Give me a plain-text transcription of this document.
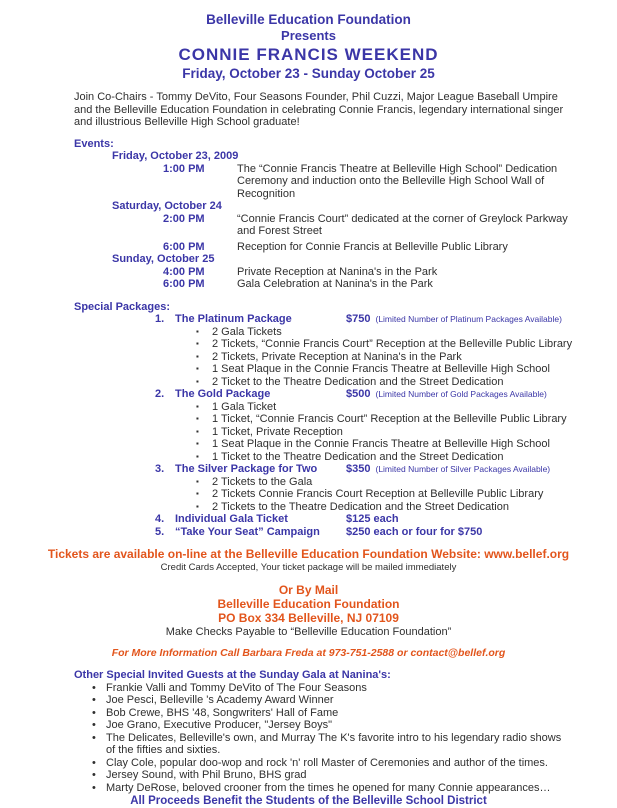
Belleville Education Foundation
Presents
CONNIE FRANCIS WEEKEND
Friday, October 23 - Sunday October 25

Join Co-Chairs - Tommy DeVito, Four Seasons Founder, Phil Cuzzi, Major League Baseball Umpire and the Belleville Education Foundation in celebrating Connie Francis, legendary international singer and illustrious Belleville High School graduate!

Events:
Friday, October 23, 2009
1:00 PM	The “Connie Francis Theatre at Belleville High School” Dedication Ceremony and induction onto the Belleville High School Wall of Recognition
Saturday, October 24
2:00 PM	“Connie Francis Court” dedicated at the corner of Greylock Parkway and Forest Street
6:00 PM	Reception for Connie Francis at Belleville Public Library
Sunday, October 25
4:00 PM	Private Reception at Nanina's in the Park
6:00 PM	Gala Celebration at Nanina's in the Park
Special Packages:
1. The Platinum Package	$750 (Limited Number of Platinum Packages Available)
▪	2 Gala Tickets
▪	2 Tickets, “Connie Francis Court” Reception at the Belleville Public Library
▪	2 Tickets, Private Reception at Nanina's in the Park
▪	1 Seat Plaque in the Connie Francis Theatre at Belleville High School
▪	2 Ticket to the Theatre Dedication and the Street Dedication
2. The Gold Package	$500 (Limited Number of Gold Packages Available)
▪	1 Gala Ticket
▪	1 Ticket, “Connie Francis Court” Reception at the Belleville Public Library
▪	1 Ticket, Private Reception
▪	1 Seat Plaque in the Connie Francis Theatre at Belleville High School
▪	1 Ticket to the Theatre Dedication and the Street Dedication
3. The Silver Package for Two	$350 (Limited Number of Silver Packages Available)
▪	2 Tickets to the Gala
▪	2 Tickets Connie Francis Court Reception at Belleville Public Library
▪	2 Tickets to the Theatre Dedication and the Street Dedication
4. Individual Gala Ticket	$125 each
5. “Take Your Seat” Campaign	$250 each or four for $750
Tickets are available on-line at the Belleville Education Foundation Website: www.bellef.org
Credit Cards Accepted, Your ticket package will be mailed immediately
Or By Mail
Belleville Education Foundation
PO Box 334 Belleville, NJ 07109
Make Checks Payable to “Belleville Education Foundation”
For More Information Call Barbara Freda at 973-751-2588 or contact@bellef.org
Other Special Invited Guests at the Sunday Gala at Nanina's:
• Frankie Valli and Tommy DeVito of The Four Seasons
• Joe Pesci, Belleville 's Academy Award Winner
• Bob Crewe, BHS '48, Songwriters' Hall of Fame
• Joe Grano, Executive Producer, "Jersey Boys"
• The Delicates, Belleville's own, and Murray The K's favorite intro to his legendary radio shows of the fifties and sixties.
• Clay Cole, popular doo-wop and rock 'n' roll Master of Ceremonies and author of the times.
• Jersey Sound, with Phil Bruno, BHS grad
• Marty DeRose, beloved crooner from the times he opened for many Connie appearances…
All Proceeds Benefit the Students of the Belleville School District
